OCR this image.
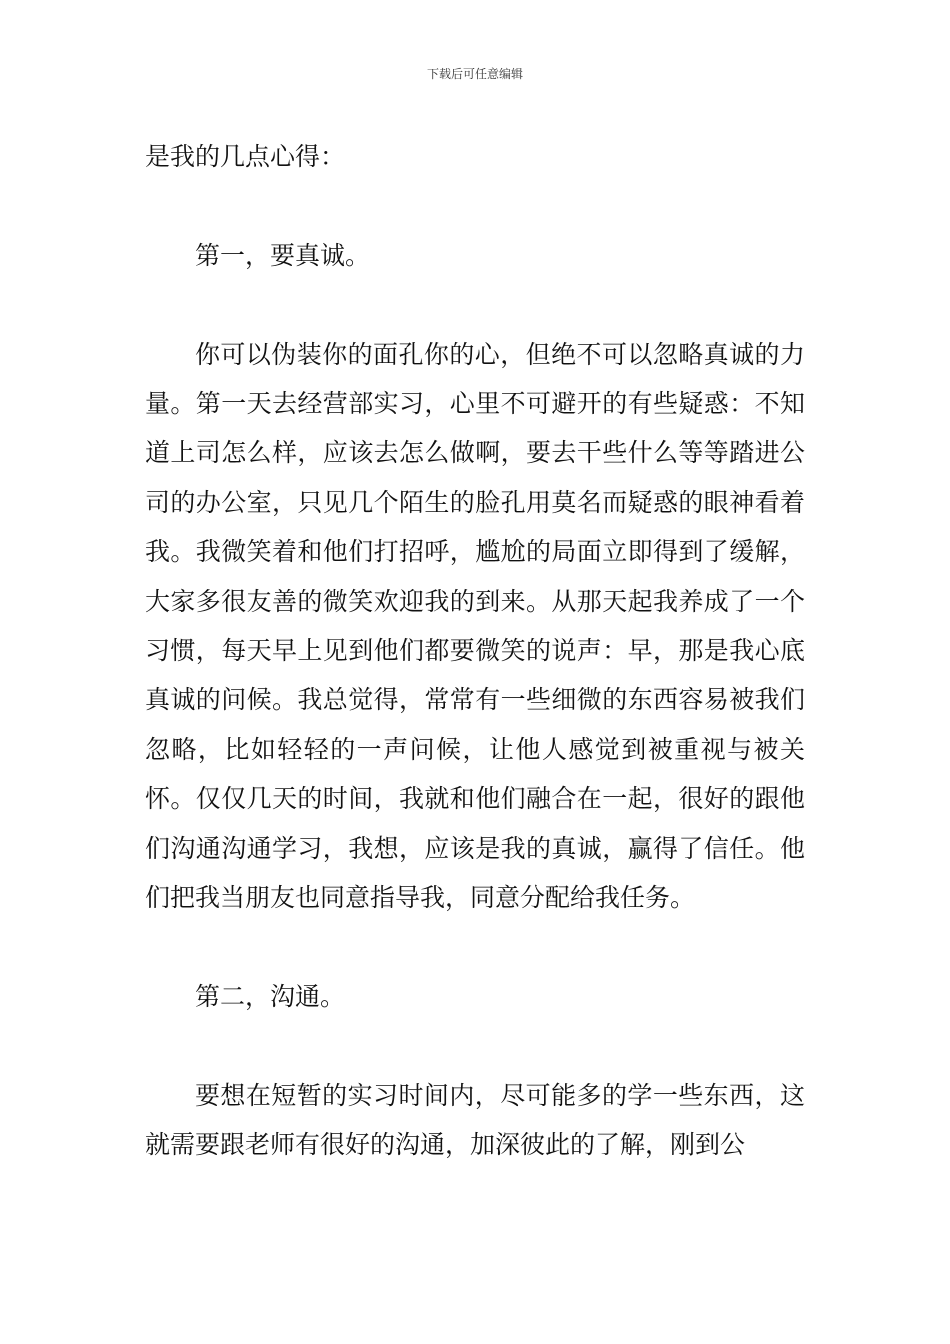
下载后可任意编辑

是我的几点心得：

第一，要真诚。

你可以伪装你的面孔你的心，但绝不可以忽略真诚的力量。第一天去经营部实习，心里不可避开的有些疑惑：不知道上司怎么样，应该去怎么做啊，要去干些什么等等踏进公司的办公室，只见几个陌生的脸孔用莫名而疑惑的眼神看着我。我微笑着和他们打招呼，尴尬的局面立即得到了缓解，大家多很友善的微笑欢迎我的到来。从那天起我养成了一个习惯，每天早上见到他们都要微笑的说声：早，那是我心底真诚的问候。我总觉得，常常有一些细微的东西容易被我们忽略，比如轻轻的一声问候，让他人感觉到被重视与被关怀。仅仅几天的时间，我就和他们融合在一起，很好的跟他们沟通沟通学习，我想，应该是我的真诚，赢得了信任。他们把我当朋友也同意指导我，同意分配给我任务。

第二，沟通。

要想在短暂的实习时间内，尽可能多的学一些东西，这就需要跟老师有很好的沟通，加深彼此的了解，刚到公
